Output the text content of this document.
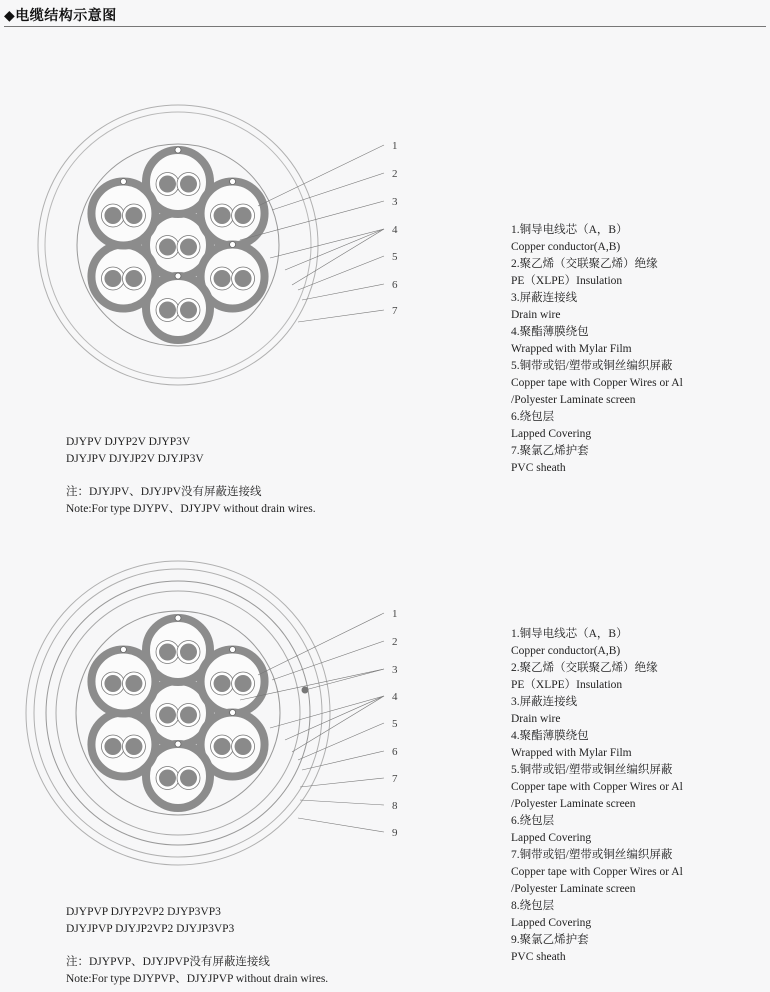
◆电缆结构示意图
1
2
3
4
5
6
7
1.铜导电线芯（A，B）
Copper conductor(A,B)
2.聚乙烯（交联聚乙烯）绝缘
PE（XLPE）Insulation
3.屏蔽连接线
Drain wire
4.聚酯薄膜绕包
Wrapped with Mylar Film
5.铜带或铝/塑带或铜丝编织屏蔽
Copper tape with Copper Wires or Al
/Polyester Laminate screen
6.绕包层
Lapped Covering
7.聚氯乙烯护套
PVC sheath
DJYPV DJYP2V DJYP3V
DJYJPV DJYJP2V DJYJP3V
注：DJYJPV、DJYJPV没有屏蔽连接线
Note:For type DJYPV、DJYJPV without drain wires.
1
2
3
4
5
6
7
8
9
1.铜导电线芯（A，B）
Copper conductor(A,B)
2.聚乙烯（交联聚乙烯）绝缘
PE（XLPE）Insulation
3.屏蔽连接线
Drain wire
4.聚酯薄膜绕包
Wrapped with Mylar Film
5.铜带或铝/塑带或铜丝编织屏蔽
Copper tape with Copper Wires or Al
/Polyester Laminate screen
6.绕包层
Lapped Covering
7.铜带或铝/塑带或铜丝编织屏蔽
Copper tape with Copper Wires or Al
/Polyester Laminate screen
8.绕包层
Lapped Covering
9.聚氯乙烯护套
PVC sheath
DJYPVP DJYP2VP2 DJYP3VP3
DJYJPVP DJYJP2VP2 DJYJP3VP3
注：DJYPVP、DJYJPVP没有屏蔽连接线
Note:For type DJYPVP、DJYJPVP without drain wires.
